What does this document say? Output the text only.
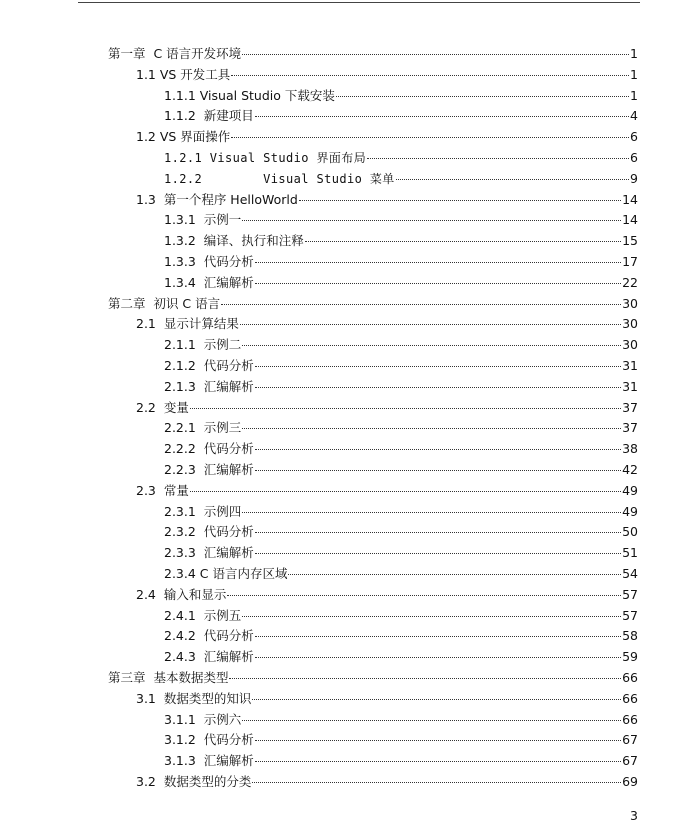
第一章  C 语言开发环境	1
1.1 VS 开发工具	1
1.1.1 Visual Studio 下载安装	1
1.1.2  新建项目	4
1.2 VS 界面操作	6
1.2.1 Visual Studio 界面布局	6
1.2.2        Visual Studio 菜单	9
1.3  第一个程序 HelloWorld	14
1.3.1  示例一	14
1.3.2  编译、执行和注释	15
1.3.3  代码分析	17
1.3.4  汇编解析	22
第二章  初识 C 语言	30
2.1  显示计算结果	30
2.1.1  示例二	30
2.1.2  代码分析	31
2.1.3  汇编解析	31
2.2  变量	37
2.2.1  示例三	37
2.2.2  代码分析	38
2.2.3  汇编解析	42
2.3  常量	49
2.3.1  示例四	49
2.3.2  代码分析	50
2.3.3  汇编解析	51
2.3.4 C 语言内存区域	54
2.4  输入和显示	57
2.4.1  示例五	57
2.4.2  代码分析	58
2.4.3  汇编解析	59
第三章  基本数据类型	66
3.1  数据类型的知识	66
3.1.1  示例六	66
3.1.2  代码分析	67
3.1.3  汇编解析	67
3.2  数据类型的分类	69
3
